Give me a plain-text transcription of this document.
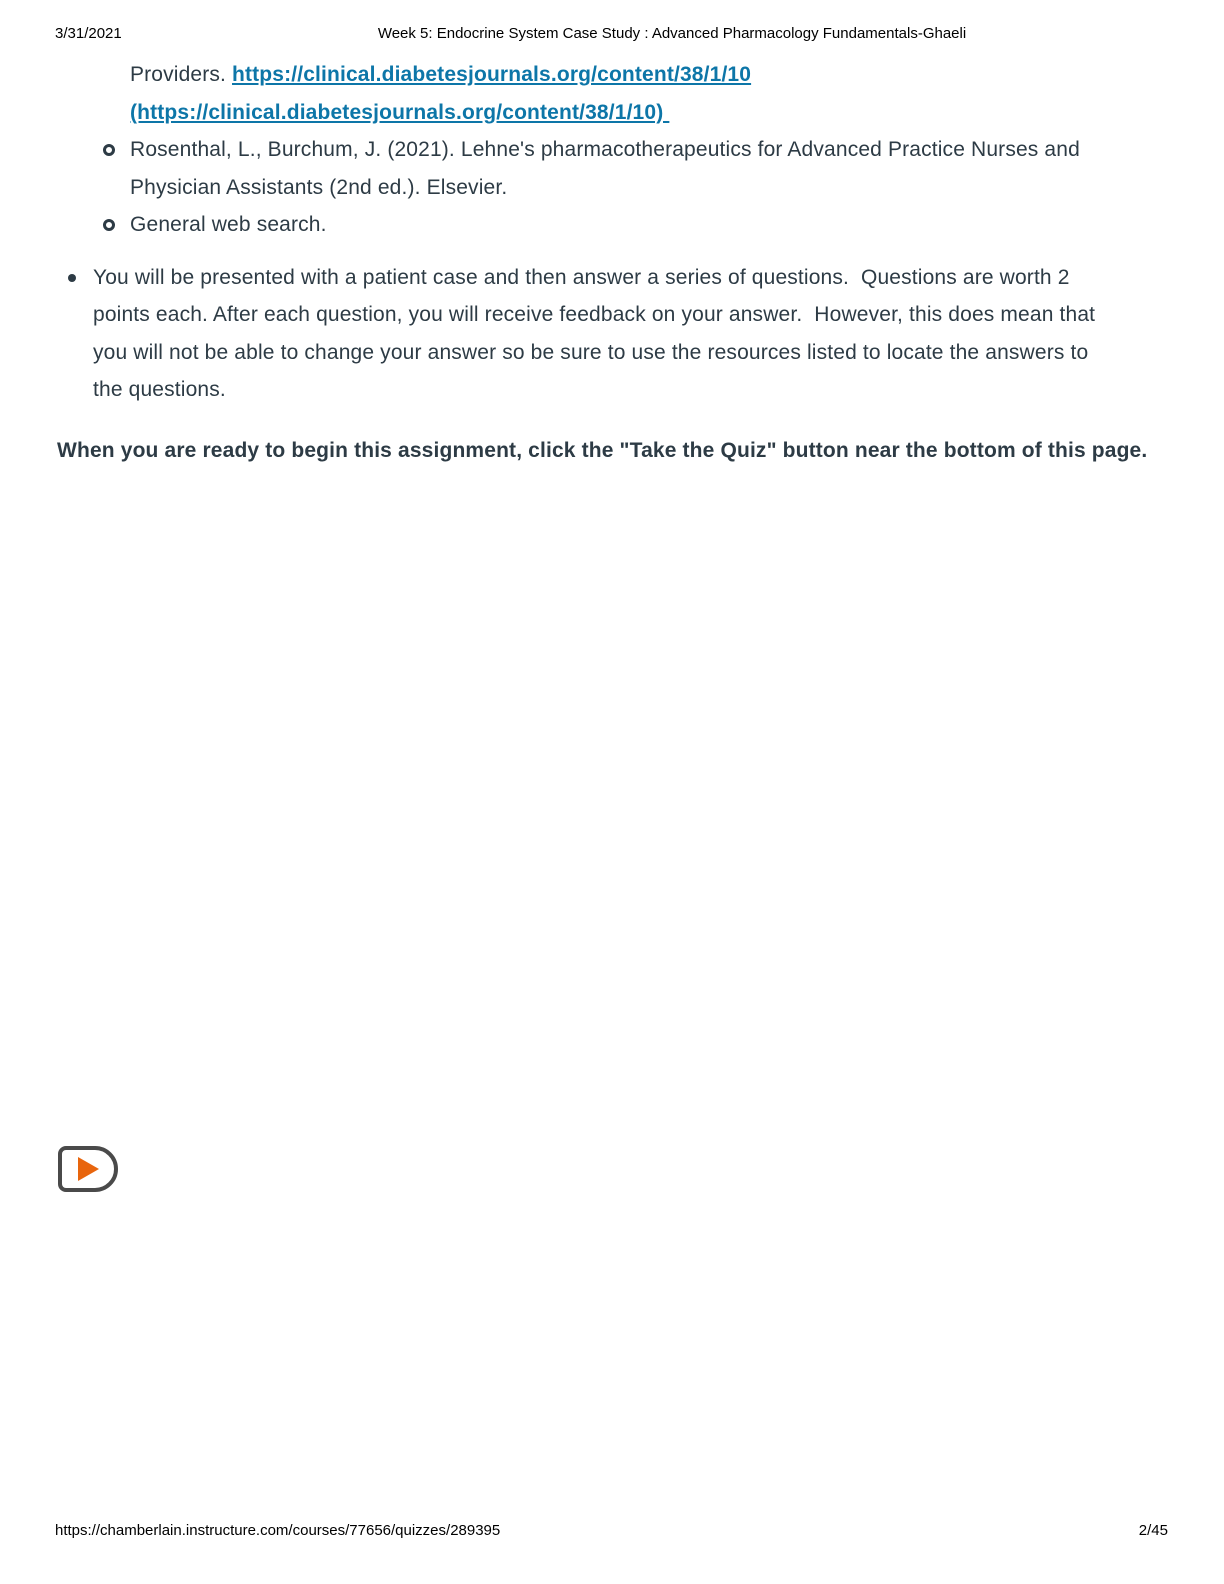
3/31/2021	Week 5: Endocrine System Case Study : Advanced Pharmacology Fundamentals-Ghaeli
Providers. https://clinical.diabetesjournals.org/content/38/1/10
(https://clinical.diabetesjournals.org/content/38/1/10)
Rosenthal, L., Burchum, J. (2021). Lehne's pharmacotherapeutics for Advanced Practice Nurses and Physician Assistants (2nd ed.). Elsevier.
General web search.
You will be presented with a patient case and then answer a series of questions.  Questions are worth 2 points each. After each question, you will receive feedback on your answer.  However, this does mean that you will not be able to change your answer so be sure to use the resources listed to locate the answers to the questions.

When you are ready to begin this assignment, click the "Take the Quiz" button near the bottom of this page.

https://chamberlain.instructure.com/courses/77656/quizzes/289395	2/45
